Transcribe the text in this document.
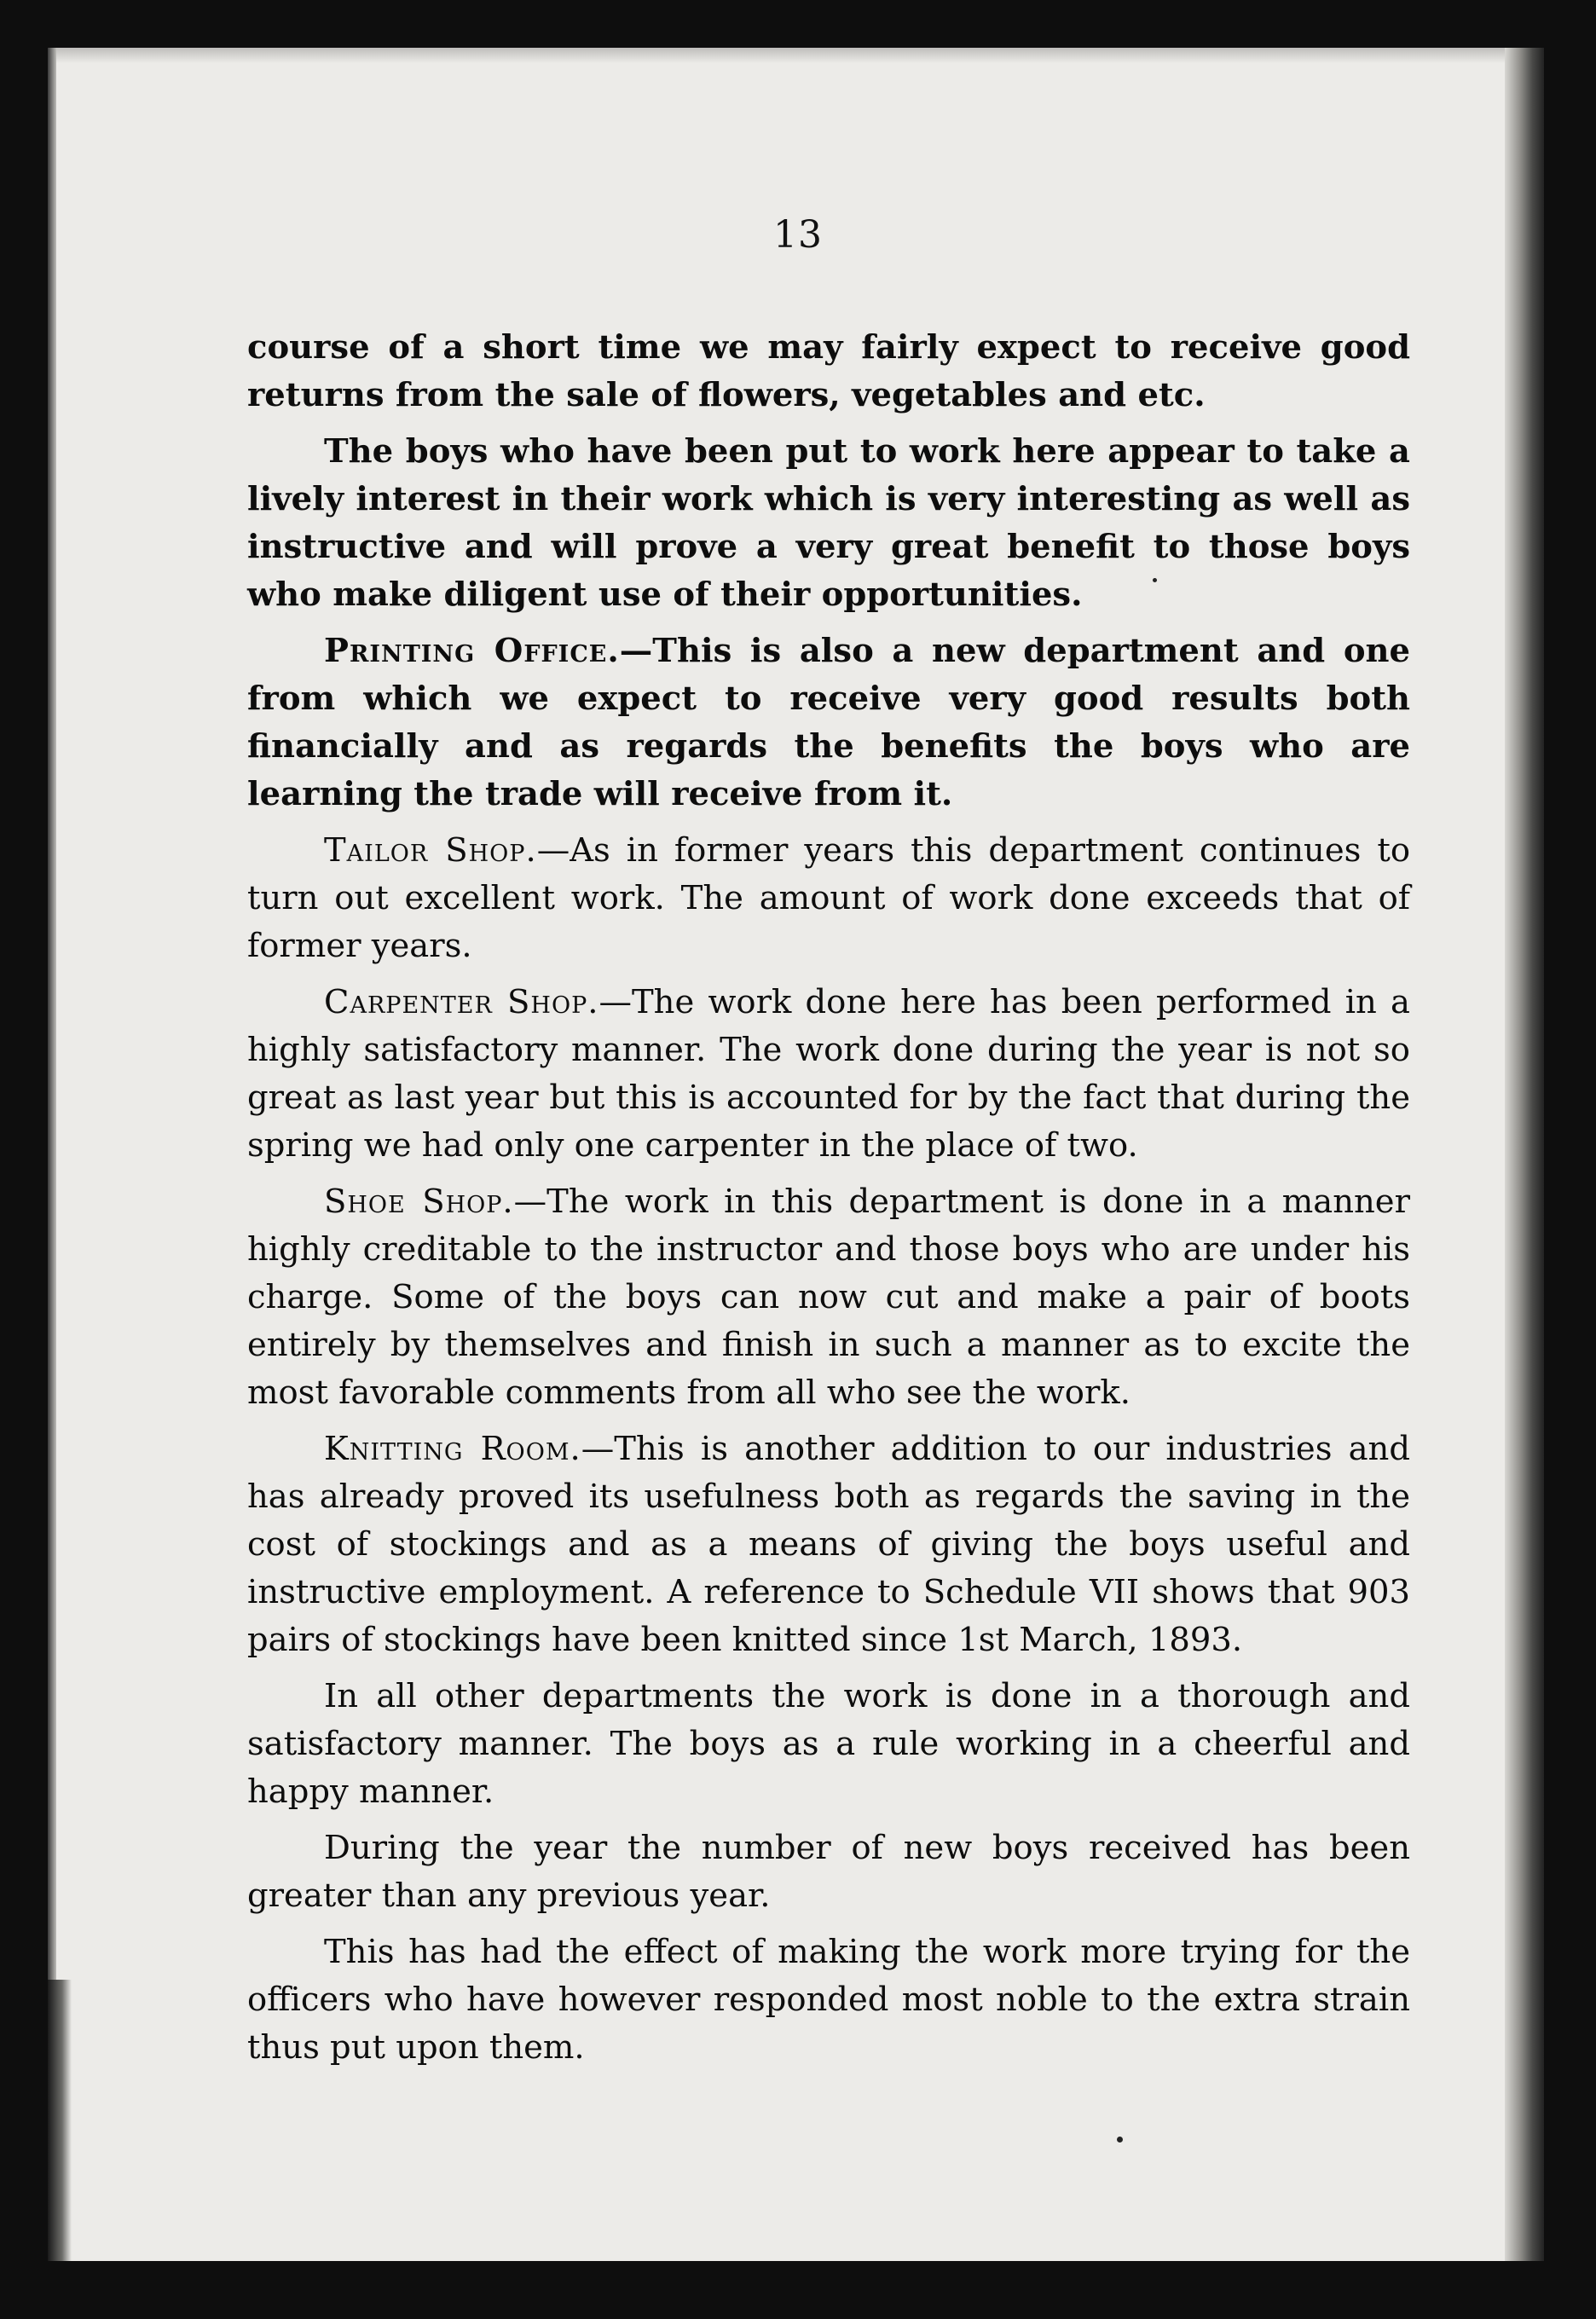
13

course of a short time we may fairly expect to receive good returns from the sale of flowers, vegetables and etc.

The boys who have been put to work here appear to take a lively interest in their work which is very interesting as well as instructive and will prove a very great benefit to those boys who make diligent use of their opportunities.

Printing Office.—This is also a new department and one from which we expect to receive very good results both financially and as regards the benefits the boys who are learning the trade will receive from it.

Tailor Shop.—As in former years this department continues to turn out excellent work. The amount of work done exceeds that of former years.

Carpenter Shop.—The work done here has been performed in a highly satisfactory manner. The work done during the year is not so great as last year but this is accounted for by the fact that during the spring we had only one carpenter in the place of two.

Shoe Shop.—The work in this department is done in a manner highly creditable to the instructor and those boys who are under his charge. Some of the boys can now cut and make a pair of boots entirely by themselves and finish in such a manner as to excite the most favorable comments from all who see the work.

Knitting Room.—This is another addition to our industries and has already proved its usefulness both as regards the saving in the cost of stockings and as a means of giving the boys useful and instructive employment. A reference to Schedule VII shows that 903 pairs of stockings have been knitted since 1st March, 1893.

In all other departments the work is done in a thorough and satisfactory manner. The boys as a rule working in a cheerful and happy manner.

During the year the number of new boys received has been greater than any previous year.

This has had the effect of making the work more trying for the officers who have however responded most noble to the extra strain thus put upon them.
